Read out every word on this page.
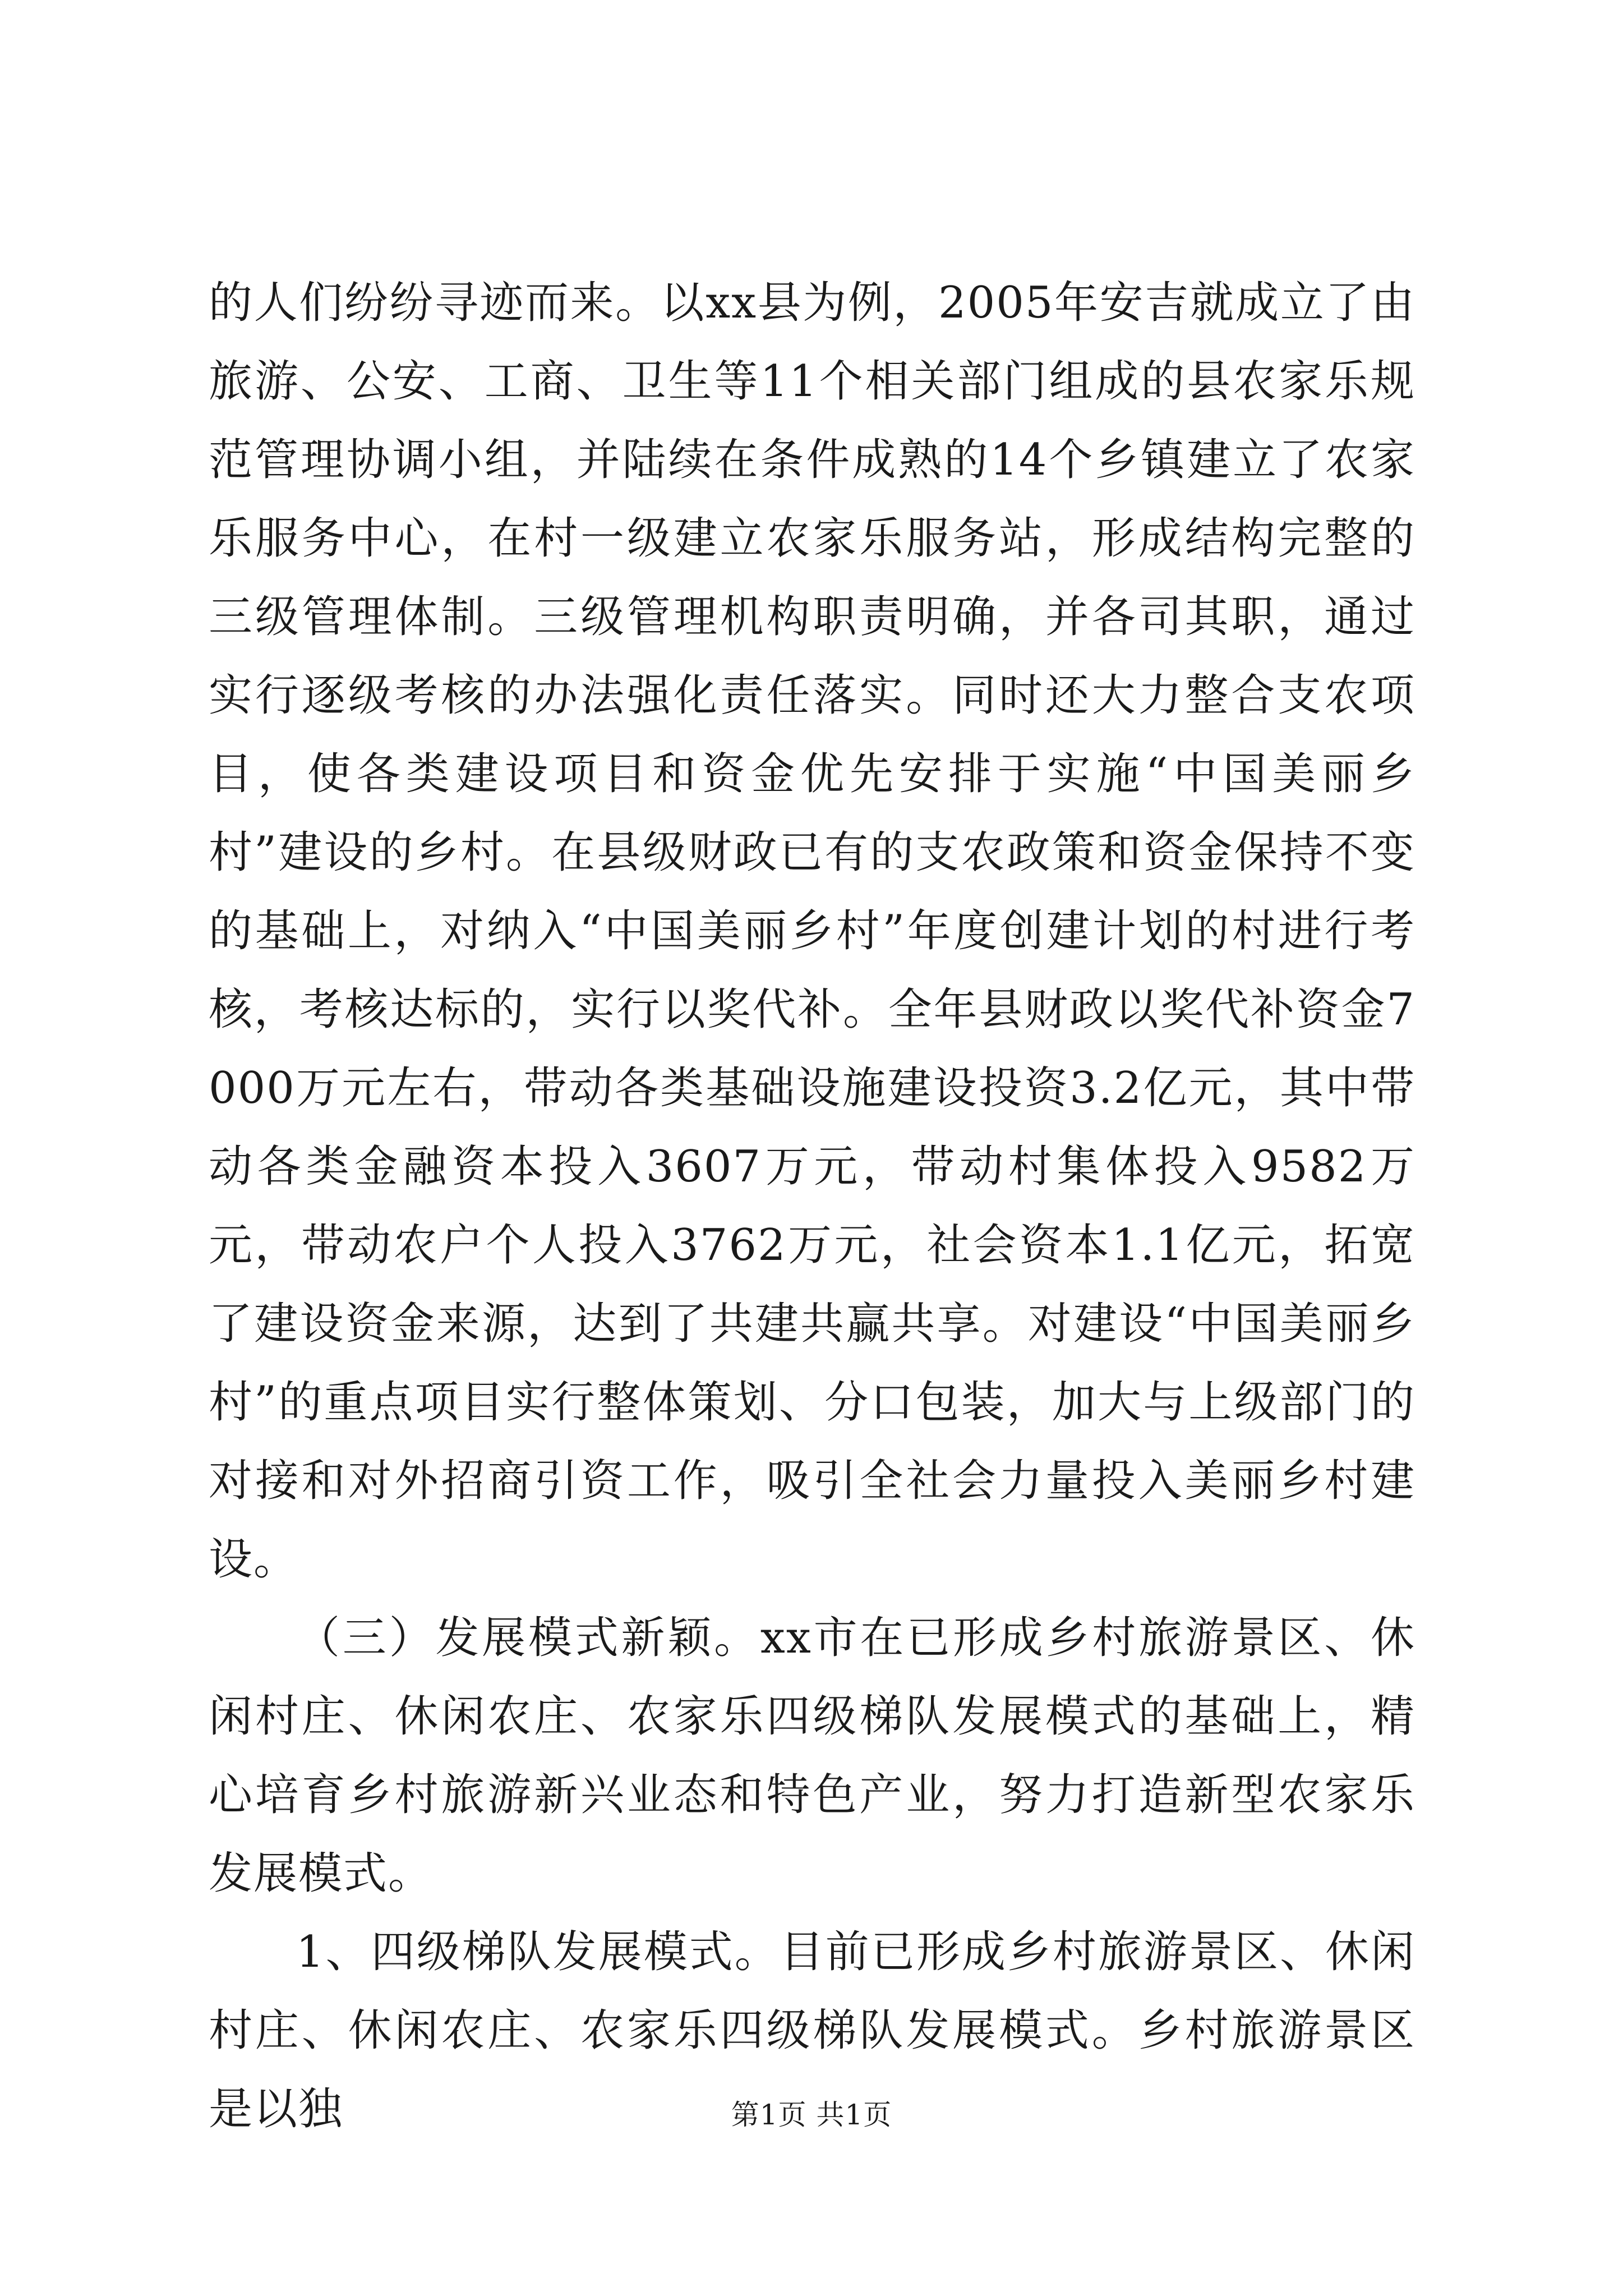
的人们纷纷寻迹而来。以xx县为例，2005年安吉就成立了由旅游、公安、工商、卫生等11个相关部门组成的县农家乐规范管理协调小组，并陆续在条件成熟的14个乡镇建立了农家乐服务中心，在村一级建立农家乐服务站，形成结构完整的三级管理体制。三级管理机构职责明确，并各司其职，通过实行逐级考核的办法强化责任落实。同时还大力整合支农项目，使各类建设项目和资金优先安排于实施“中国美丽乡村”建设的乡村。在县级财政已有的支农政策和资金保持不变的基础上，对纳入“中国美丽乡村”年度创建计划的村进行考核，考核达标的，实行以奖代补。全年县财政以奖代补资金7000万元左右，带动各类基础设施建设投资3.2亿元，其中带动各类金融资本投入3607万元，带动村集体投入9582万元，带动农户个人投入3762万元，社会资本1.1亿元，拓宽了建设资金来源，达到了共建共赢共享。对建设“中国美丽乡村”的重点项目实行整体策划、分口包装，加大与上级部门的对接和对外招商引资工作，吸引全社会力量投入美丽乡村建设。

（三）发展模式新颖。xx市在已形成乡村旅游景区、休闲村庄、休闲农庄、农家乐四级梯队发展模式的基础上，精心培育乡村旅游新兴业态和特色产业，努力打造新型农家乐发展模式。

1、四级梯队发展模式。目前已形成乡村旅游景区、休闲村庄、休闲农庄、农家乐四级梯队发展模式。乡村旅游景区是以独	第1页 共1页
